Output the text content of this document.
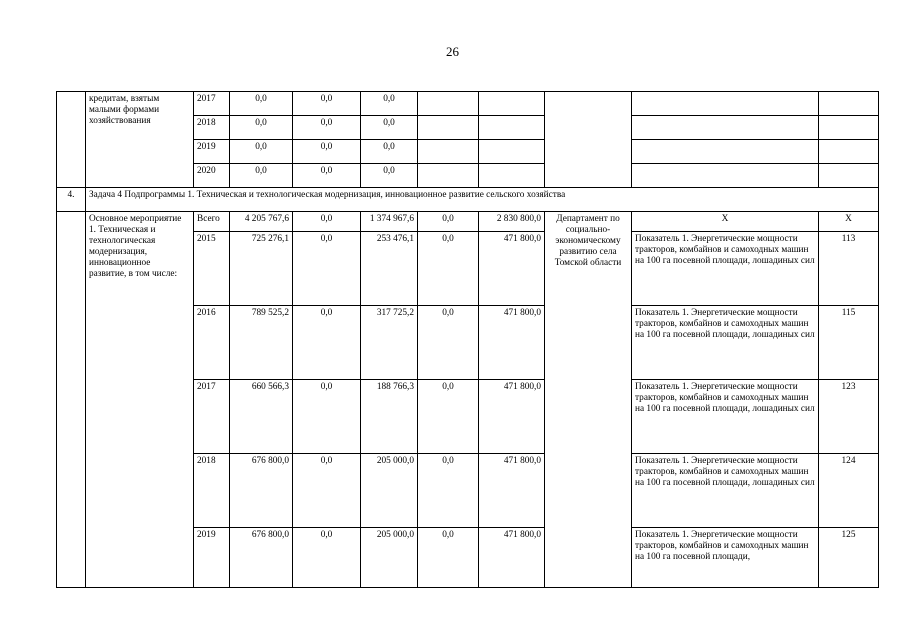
26
	кредитам, взятым малыми формами хозяйствования	2017	0,0	0,0	0,0					
		2018	0,0	0,0	0,0					
		2019	0,0	0,0	0,0					
		2020	0,0	0,0	0,0					
4.	Задача 4 Подпрограммы 1. Техническая и технологическая модернизация, инновационное развитие сельского хозяйства									
	Основное мероприятие 1. Техническая и технологическая модернизация, инновационное развитие, в том числе:	Всего	4 205 767,6	0,0	1 374 967,6	0,0	2 830 800,0	Департамент по социально-экономическому развитию села Томской области	Х	Х
		2015	725 276,1	0,0	253 476,1	0,0	471 800,0		Показатель 1. Энергетические мощности тракторов, комбайнов и самоходных машин на 100 га посевной площади, лошадиных сил	113
		2016	789 525,2	0,0	317 725,2	0,0	471 800,0		Показатель 1. Энергетические мощности тракторов, комбайнов и самоходных машин на 100 га посевной площади, лошадиных сил	115
		2017	660 566,3	0,0	188 766,3	0,0	471 800,0		Показатель 1. Энергетические мощности тракторов, комбайнов и самоходных машин на 100 га посевной площади, лошадиных сил	123
		2018	676 800,0	0,0	205 000,0	0,0	471 800,0		Показатель 1. Энергетические мощности тракторов, комбайнов и самоходных машин на 100 га посевной площади, лошадиных сил	124
		2019	676 800,0	0,0	205 000,0	0,0	471 800,0		Показатель 1. Энергетические мощности тракторов, комбайнов и самоходных машин на 100 га посевной площади,	125
